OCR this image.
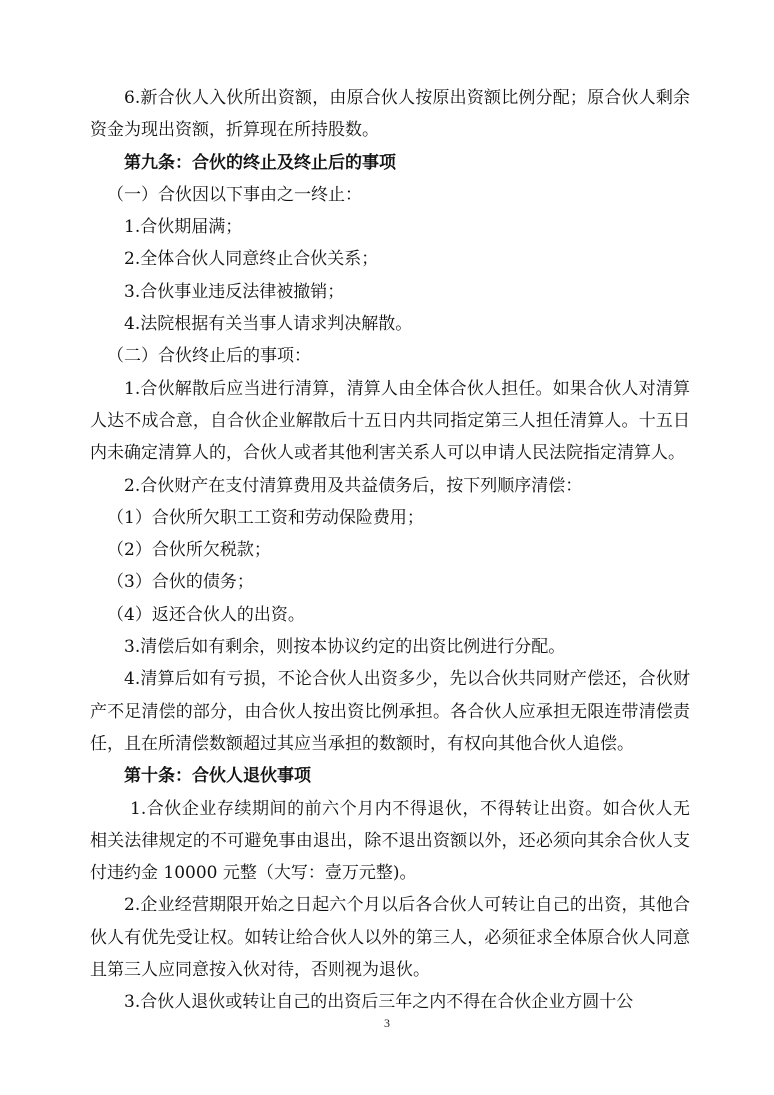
6.新合伙人入伙所出资额，由原合伙人按原出资额比例分配；原合伙人剩余资金为现出资额，折算现在所持股数。

第九条：合伙的终止及终止后的事项

（一）合伙因以下事由之一终止：

1.合伙期届满；

2.全体合伙人同意终止合伙关系；

3.合伙事业违反法律被撤销；

4.法院根据有关当事人请求判决解散。

（二）合伙终止后的事项：

1.合伙解散后应当进行清算，清算人由全体合伙人担任。如果合伙人对清算人达不成合意，自合伙企业解散后十五日内共同指定第三人担任清算人。十五日内未确定清算人的，合伙人或者其他利害关系人可以申请人民法院指定清算人。

2.合伙财产在支付清算费用及共益债务后，按下列顺序清偿：

（1）合伙所欠职工工资和劳动保险费用；

（2）合伙所欠税款；

（3）合伙的债务；

（4）返还合伙人的出资。

3.清偿后如有剩余，则按本协议约定的出资比例进行分配。

4.清算后如有亏损，不论合伙人出资多少，先以合伙共同财产偿还，合伙财产不足清偿的部分，由合伙人按出资比例承担。各合伙人应承担无限连带清偿责任，且在所清偿数额超过其应当承担的数额时，有权向其他合伙人追偿。

第十条：合伙人退伙事项

1.合伙企业存续期间的前六个月内不得退伙，不得转让出资。如合伙人无相关法律规定的不可避免事由退出，除不退出资额以外，还必须向其余合伙人支付违约金 10000 元整（大写：壹万元整)。

2.企业经营期限开始之日起六个月以后各合伙人可转让自己的出资，其他合伙人有优先受让权。如转让给合伙人以外的第三人，必须征求全体原合伙人同意且第三人应同意按入伙对待，否则视为退伙。

3.合伙人退伙或转让自己的出资后三年之内不得在合伙企业方圆十公

3
